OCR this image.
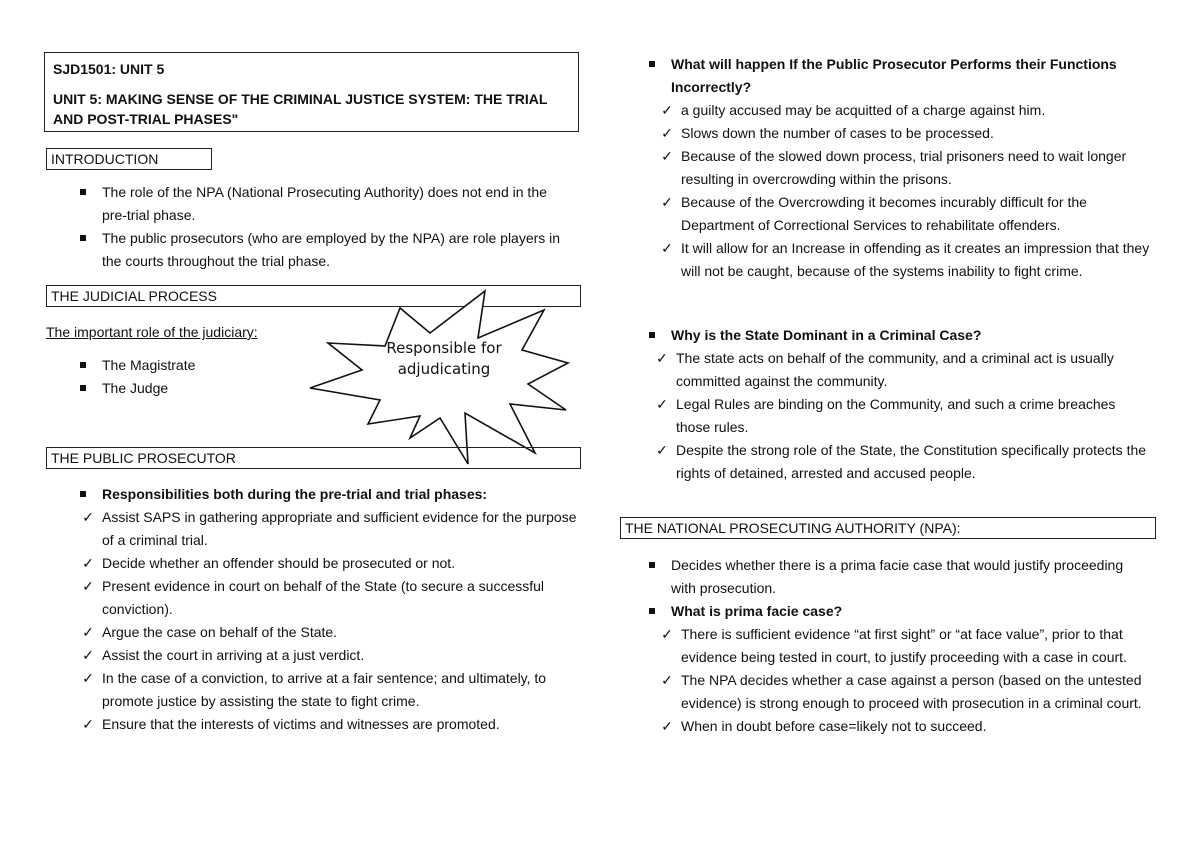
SJD1501: UNIT 5
UNIT 5: MAKING SENSE OF THE CRIMINAL JUSTICE SYSTEM: THE TRIAL AND POST-TRIAL PHASES"
INTRODUCTION
The role of the NPA (National Prosecuting Authority) does not end in the pre-trial phase.
The public prosecutors (who are employed by the NPA) are role players in the courts throughout the trial phase.
THE JUDICIAL PROCESS
The important role of the judiciary:
The Magistrate
The Judge
Responsible for adjudicating
THE PUBLIC PROSECUTOR
Responsibilities both during the pre-trial and trial phases:
✓ Assist SAPS in gathering appropriate and sufficient evidence for the purpose of a criminal trial.
✓ Decide whether an offender should be prosecuted or not.
✓ Present evidence in court on behalf of the State (to secure a successful conviction).
✓ Argue the case on behalf of the State.
✓ Assist the court in arriving at a just verdict.
✓ In the case of a conviction, to arrive at a fair sentence; and ultimately, to promote justice by assisting the state to fight crime.
✓ Ensure that the interests of victims and witnesses are promoted.
What will happen If the Public Prosecutor Performs their Functions Incorrectly?
✓ a guilty accused may be acquitted of a charge against him.
✓ Slows down the number of cases to be processed.
✓ Because of the slowed down process, trial prisoners need to wait longer resulting in overcrowding within the prisons.
✓ Because of the Overcrowding it becomes incurably difficult for the Department of Correctional Services to rehabilitate offenders.
✓ It will allow for an Increase in offending as it creates an impression that they will not be caught, because of the systems inability to fight crime.
Why is the State Dominant in a Criminal Case?
✓ The state acts on behalf of the community, and a criminal act is usually committed against the community.
✓ Legal Rules are binding on the Community, and such a crime breaches those rules.
✓ Despite the strong role of the State, the Constitution specifically protects the rights of detained, arrested and accused people.
THE NATIONAL PROSECUTING AUTHORITY (NPA):
Decides whether there is a prima facie case that would justify proceeding with prosecution.
What is prima facie case?
✓ There is sufficient evidence “at first sight” or “at face value”, prior to that evidence being tested in court, to justify proceeding with a case in court.
✓ The NPA decides whether a case against a person (based on the untested evidence) is strong enough to proceed with prosecution in a criminal court.
✓ When in doubt before case=likely not to succeed.
